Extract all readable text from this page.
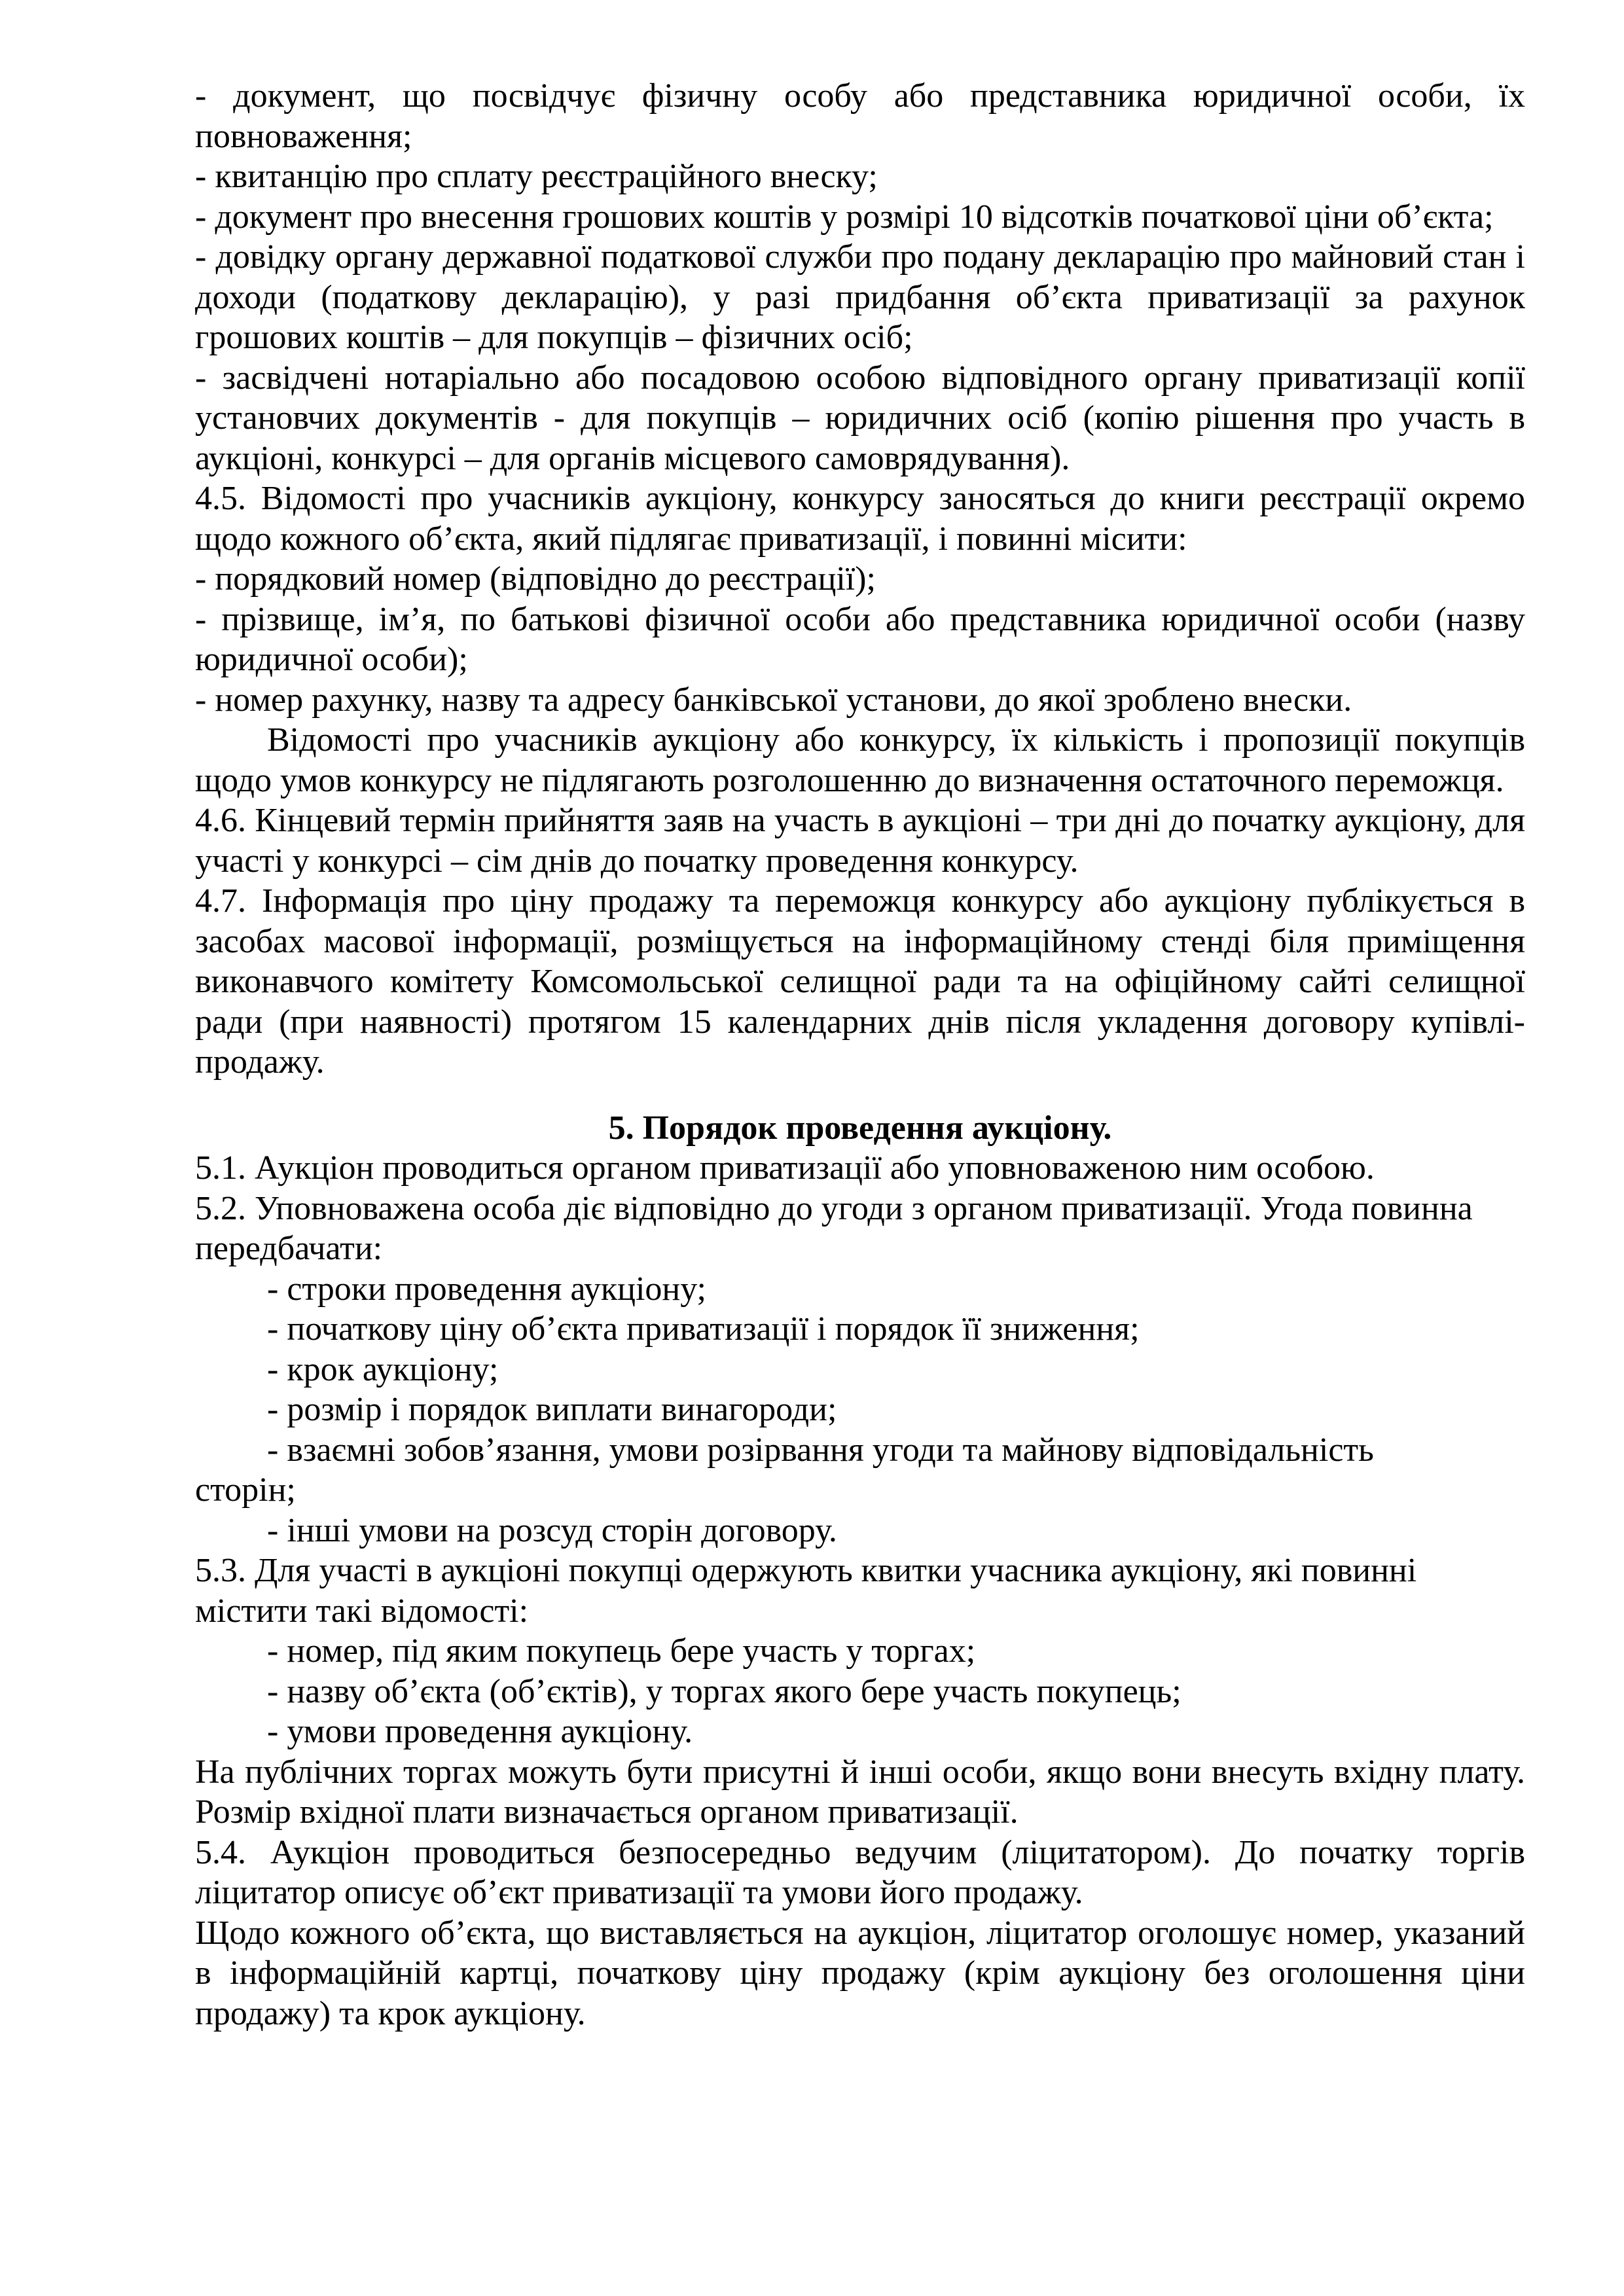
- документ, що посвідчує фізичну особу або представника юридичної особи, їх повноваження;

- квитанцію про сплату реєстраційного внеску;

- документ про внесення грошових коштів у розмірі 10 відсотків початкової ціни об’єкта;

- довідку органу державної податкової служби про подану декларацію про майновий стан і доходи (податкову декларацію), у разі придбання об’єкта приватизації за рахунок грошових коштів – для покупців – фізичних осіб;

- засвідчені нотаріально або посадовою особою відповідного органу приватизації копії установчих документів - для покупців – юридичних осіб (копію рішення про участь в аукціоні, конкурсі – для органів місцевого самоврядування).

4.5. Відомості про учасників аукціону, конкурсу заносяться до книги реєстрації окремо щодо кожного об’єкта, який підлягає приватизації, і повинні місити:

- порядковий номер (відповідно до реєстрації);

- прізвище, ім’я, по батькові фізичної особи або представника юридичної особи (назву юридичної особи);

- номер рахунку, назву та адресу банківської установи, до якої зроблено внески.

Відомості про учасників аукціону або конкурсу, їх кількість і пропозиції покупців щодо умов конкурсу не підлягають розголошенню до визначення остаточного переможця.

4.6. Кінцевий термін прийняття заяв на участь в аукціоні – три дні до початку аукціону, для участі у конкурсі – сім днів до початку проведення конкурсу.

4.7. Інформація про ціну продажу та переможця конкурсу або аукціону публікується в засобах масової інформації, розміщується на інформаційному стенді біля приміщення виконавчого комітету Комсомольської селищної ради та на офіційному сайті селищної ради (при наявності) протягом 15 календарних днів після укладення договору купівлі-продажу.

5. Порядок проведення аукціону.

5.1. Аукціон проводиться органом приватизації або уповноваженою ним особою.

5.2. Уповноважена особа діє відповідно до угоди з органом приватизації. Угода повинна передбачати:

- строки проведення аукціону;

- початкову ціну об’єкта приватизації і порядок її зниження;

- крок аукціону;

- розмір і порядок виплати винагороди;

- взаємні зобов’язання, умови розірвання угоди та майнову відповідальність

сторін;

- інші умови на розсуд сторін договору.

5.3. Для участі в аукціоні покупці одержують квитки учасника аукціону, які повинні містити такі відомості:

- номер, під яким покупець бере участь у торгах;

- назву об’єкта (об’єктів), у торгах якого бере участь покупець;

- умови проведення аукціону.

На публічних торгах можуть бути присутні й інші особи, якщо вони внесуть вхідну плату. Розмір вхідної плати визначається органом приватизації.

5.4. Аукціон проводиться безпосередньо ведучим (ліцитатором). До початку торгів ліцитатор описує об’єкт приватизації та умови його продажу.

Щодо кожного об’єкта, що виставляється на аукціон, ліцитатор оголошує номер, указаний в інформаційній картці, початкову ціну продажу (крім аукціону без оголошення ціни продажу) та крок аукціону.
